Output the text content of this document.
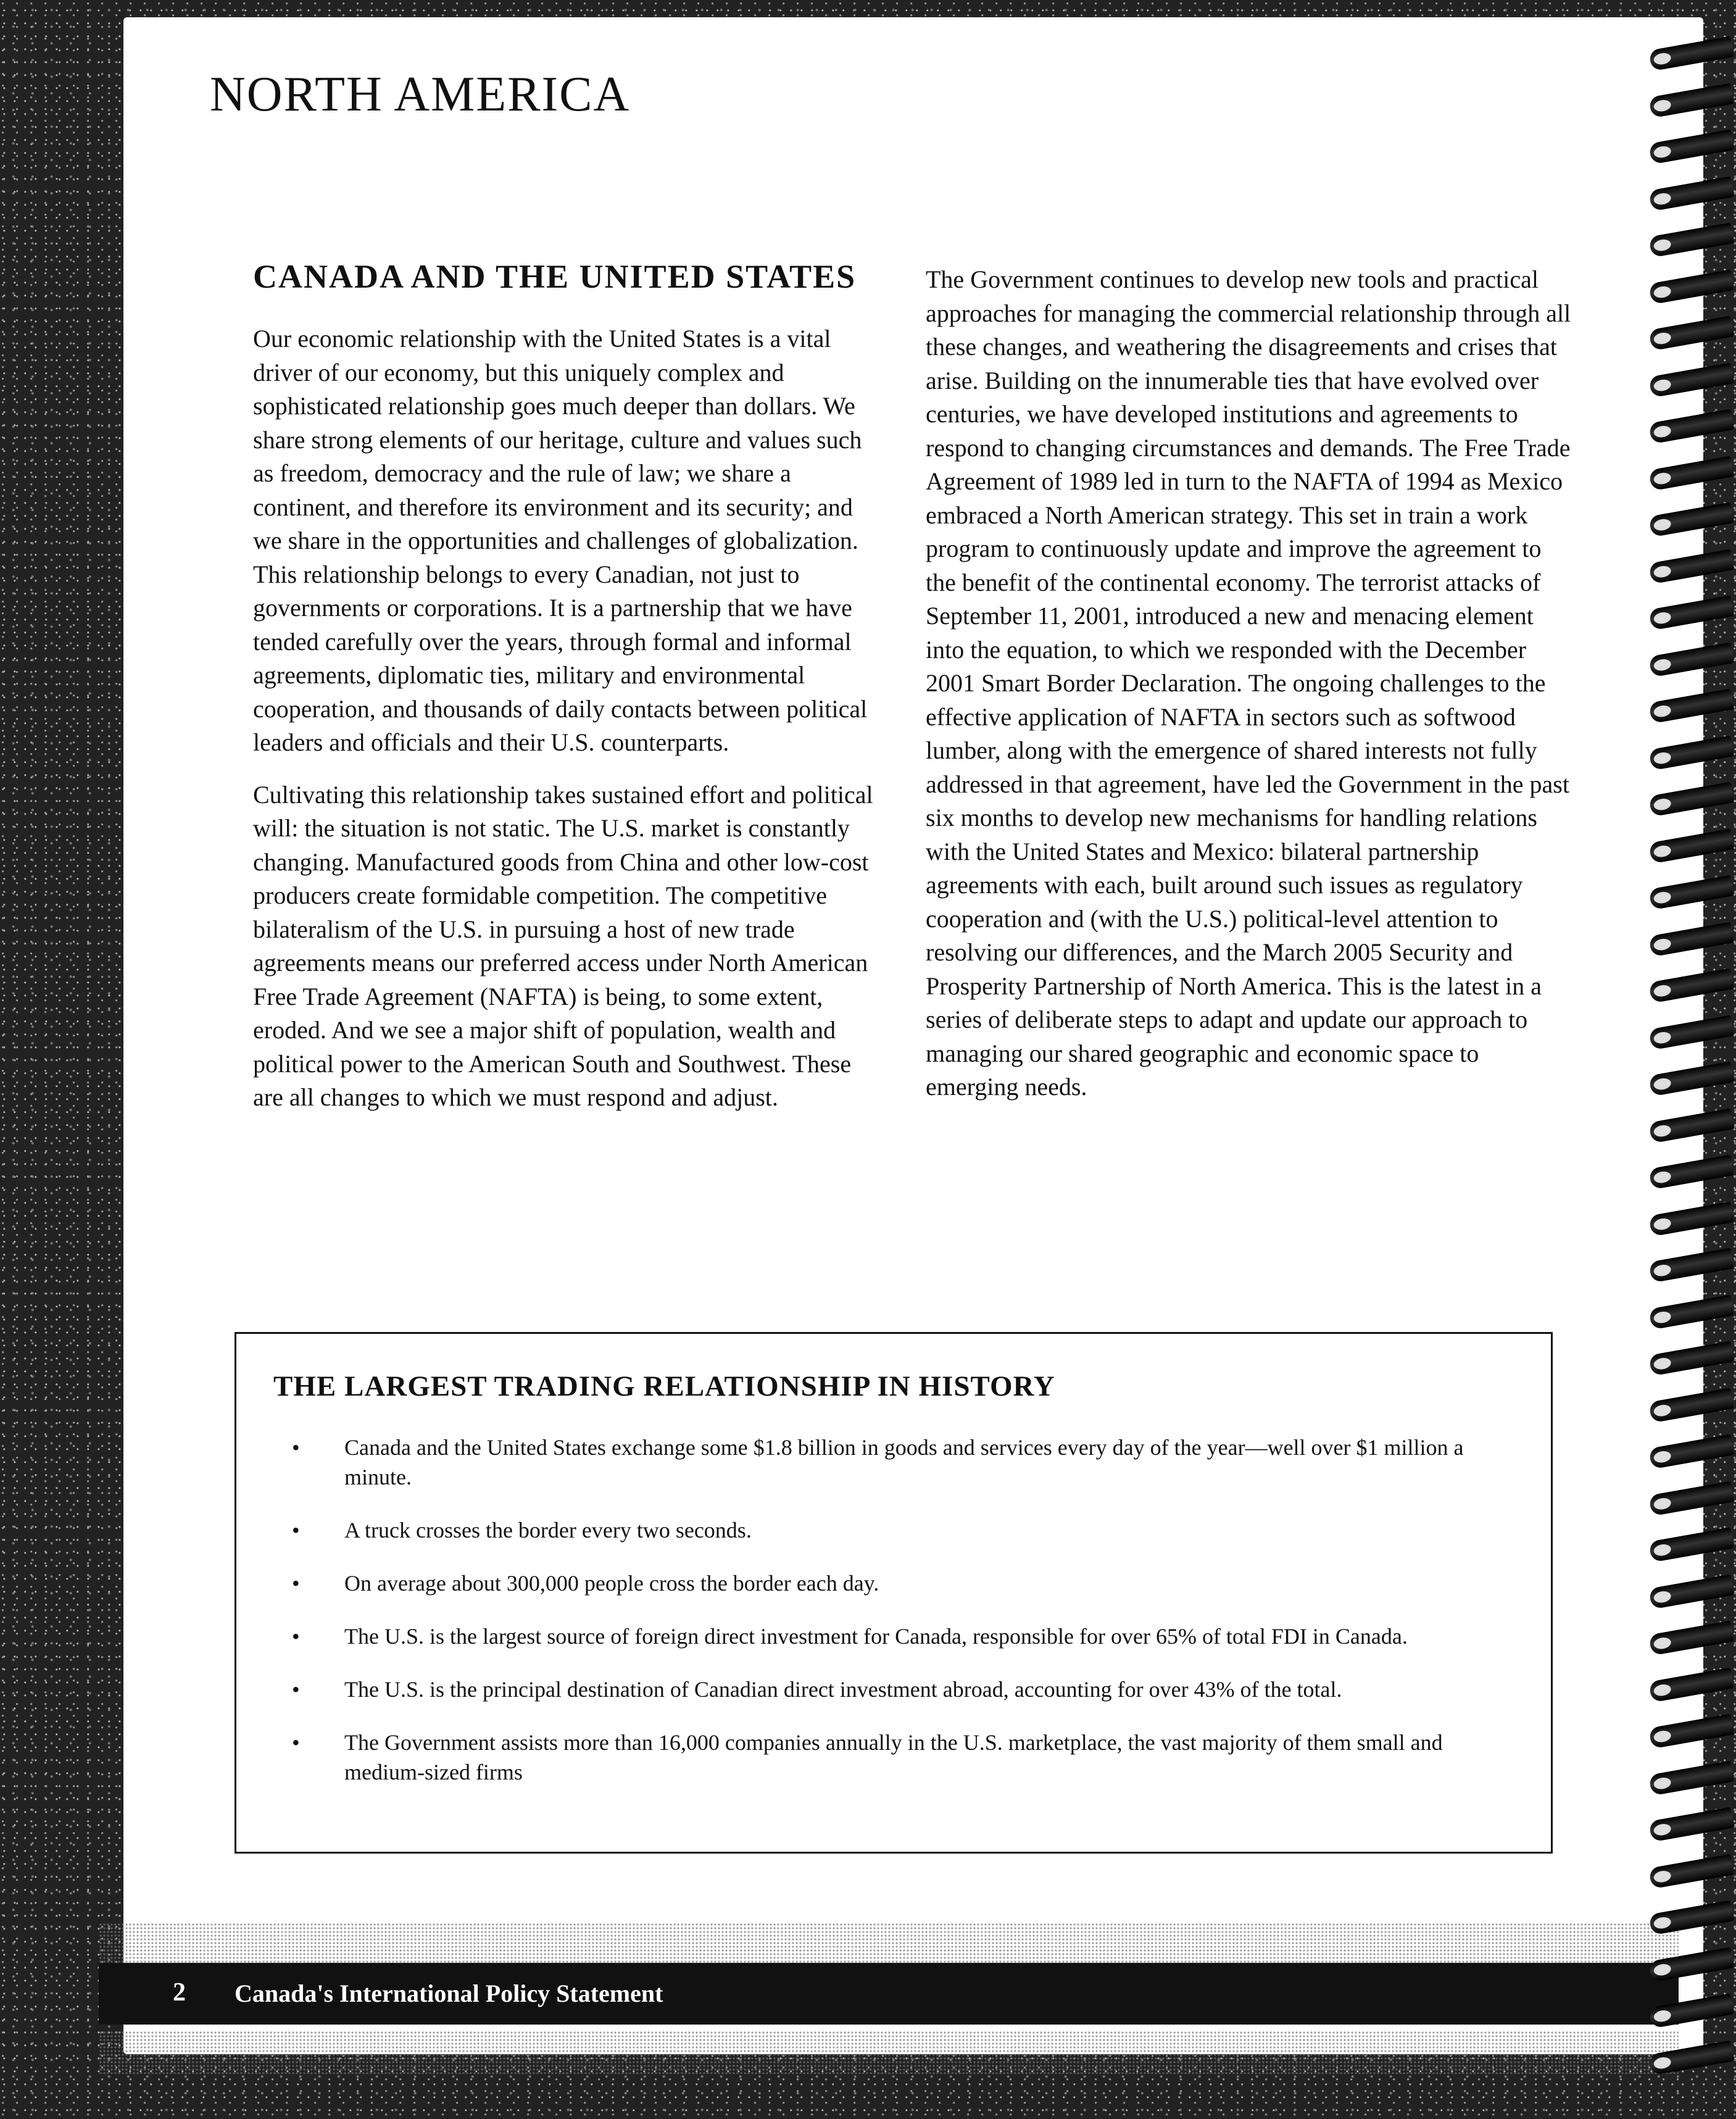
NORTH AMERICA
CANADA AND THE UNITED STATES

Our economic relationship with the United States is a vital driver of our economy, but this uniquely complex and sophisticated relationship goes much deeper than dollars. We share strong elements of our heritage, culture and values such as freedom, democracy and the rule of law; we share a continent, and therefore its environment and its security; and we share in the opportunities and challenges of globalization. This relationship belongs to every Canadian, not just to governments or corporations. It is a partnership that we have tended carefully over the years, through formal and informal agreements, diplomatic ties, military and environmental cooperation, and thousands of daily contacts between political leaders and officials and their U.S. counterparts.

Cultivating this relationship takes sustained effort and political will: the situation is not static. The U.S. market is constantly changing. Manufactured goods from China and other low-cost producers create formidable competition. The competitive bilateralism of the U.S. in pursuing a host of new trade agreements means our preferred access under North American Free Trade Agreement (NAFTA) is being, to some extent, eroded. And we see a major shift of population, wealth and political power to the American South and Southwest. These are all changes to which we must respond and adjust.

The Government continues to develop new tools and practical approaches for managing the commercial relationship through all these changes, and weathering the disagreements and crises that arise. Building on the innumerable ties that have evolved over centuries, we have developed institutions and agreements to respond to changing circumstances and demands. The Free Trade Agreement of 1989 led in turn to the NAFTA of 1994 as Mexico embraced a North American strategy. This set in train a work program to continuously update and improve the agreement to the benefit of the continental economy. The terrorist attacks of September 11, 2001, introduced a new and menacing element into the equation, to which we responded with the December 2001 Smart Border Declaration. The ongoing challenges to the effective application of NAFTA in sectors such as softwood lumber, along with the emergence of shared interests not fully addressed in that agreement, have led the Government in the past six months to develop new mechanisms for handling relations with the United States and Mexico: bilateral partnership agreements with each, built around such issues as regulatory cooperation and (with the U.S.) political-level attention to resolving our differences, and the March 2005 Security and Prosperity Partnership of North America. This is the latest in a series of deliberate steps to adapt and update our approach to managing our shared geographic and economic space to emerging needs.

THE LARGEST TRADING RELATIONSHIP IN HISTORY
• Canada and the United States exchange some $1.8 billion in goods and services every day of the year—well over $1 million a minute.
• A truck crosses the border every two seconds.
• On average about 300,000 people cross the border each day.
• The U.S. is the largest source of foreign direct investment for Canada, responsible for over 65% of total FDI in Canada.
• The U.S. is the principal destination of Canadian direct investment abroad, accounting for over 43% of the total.
• The Government assists more than 16,000 companies annually in the U.S. marketplace, the vast majority of them small and medium-sized firms
2 Canada's International Policy Statement
